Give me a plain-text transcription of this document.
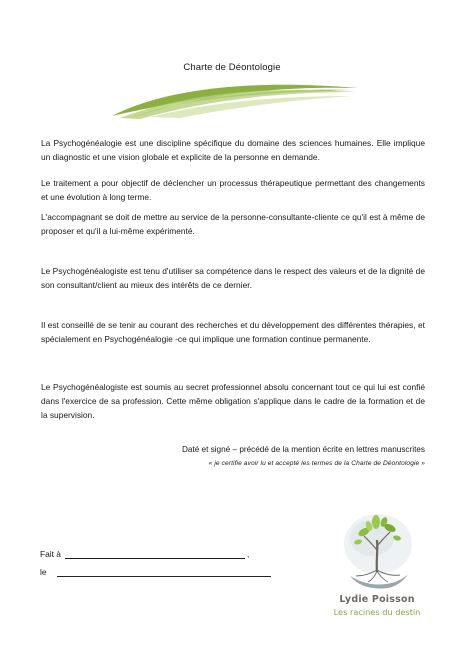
Charte de Déontologie
La Psychogénéalogie est une discipline spécifique du domaine des sciences humaines. Elle implique un diagnostic et une vision globale et explicite de la personne en demande.
Le traitement a pour objectif de déclencher un processus thérapeutique permettant des changements et une évolution à long terme.
L'accompagnant se doit de mettre au service de la personne-consultante-cliente ce qu'il est à même de proposer et qu'il a lui-même expérimenté.
Le Psychogénéalogiste est tenu d'utiliser sa compétence dans le respect des valeurs et de la dignité de son consultant/client au mieux des intérêts de ce dernier.
Il est conseillé de se tenir au courant des recherches et du développement des différentes thérapies, et spécialement en Psychogénéalogie -ce qui implique une formation continue permanente.
Le Psychogénéalogiste est soumis au secret professionnel absolu concernant tout ce qui lui est confié dans l'exercice de sa profession. Cette même obligation s'applique dans le cadre de la formation et de la supervision.
Daté et signé – précédé de la mention écrite en lettres manuscrites
« je certifie avoir lu et accepté les termes de la Charte de Déontologie »
Fait à	,
le
Lydie Poisson
Les racines du destin
